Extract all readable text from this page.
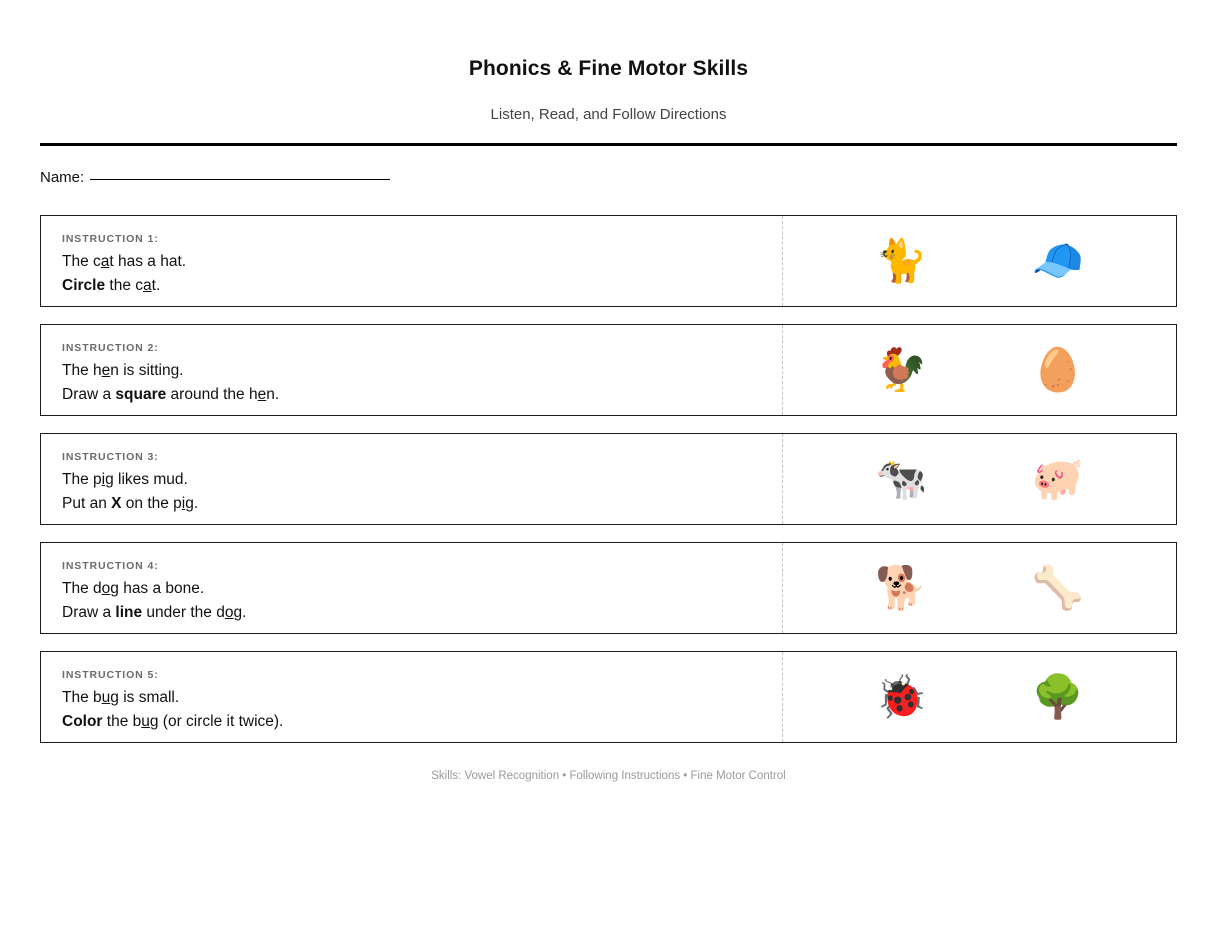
Phonics & Fine Motor Skills

Listen, Read, and Follow Directions

Name:
INSTRUCTION 1:
The cat has a hat.
Circle the cat.
🐈 🧢
INSTRUCTION 2:
The hen is sitting.
Draw a square around the hen.
🐓 🥚
INSTRUCTION 3:
The pig likes mud.
Put an X on the pig.
🐄 🐖
INSTRUCTION 4:
The dog has a bone.
Draw a line under the dog.
🐕 🦴
INSTRUCTION 5:
The bug is small.
Color the bug (or circle it twice).
🐞 🌳
Skills: Vowel Recognition • Following Instructions • Fine Motor Control
